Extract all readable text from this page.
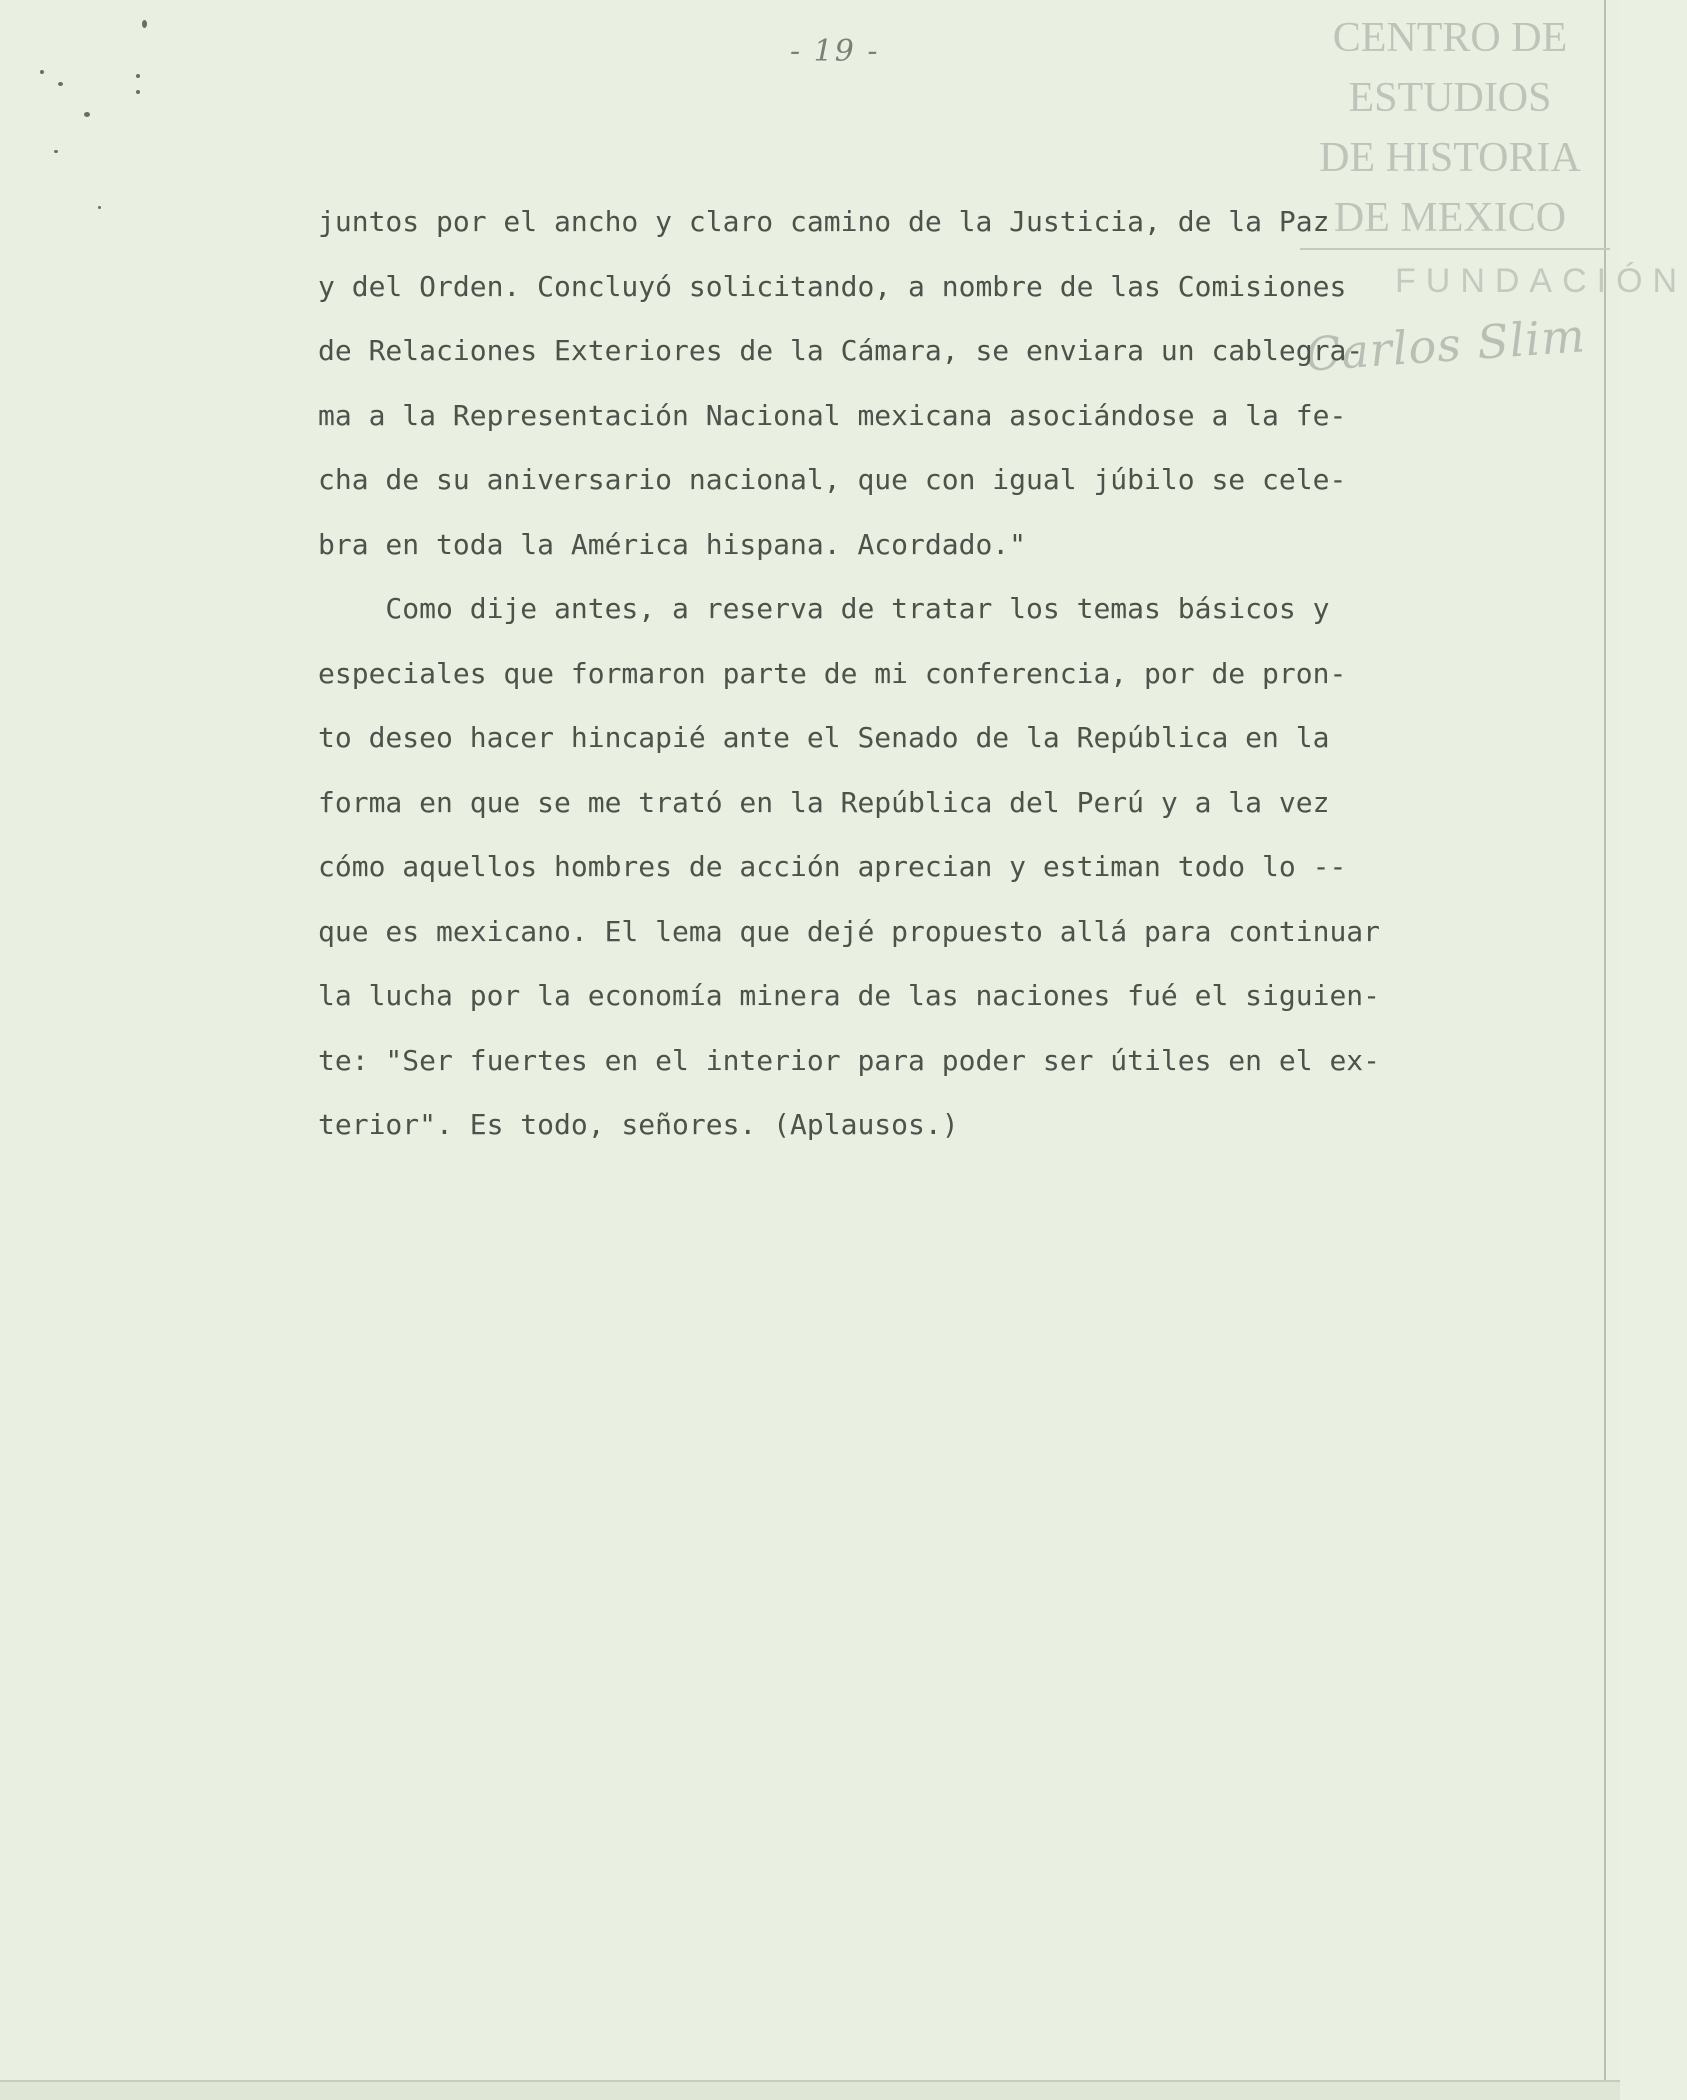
- 19 -	CENTRO DE
ESTUDIOS
DE HISTORIA
DE MEXICO
FUNDACIÓN
Carlos Slim
juntos por el ancho y claro camino de la Justicia, de la Paz
y del Orden. Concluyó solicitando, a nombre de las Comisiones
de Relaciones Exteriores de la Cámara, se enviara un cablegra-
ma a la Representación Nacional mexicana asociándose a la fe-
cha de su aniversario nacional, que con igual júbilo se cele-
bra en toda la América hispana. Acordado."
Como dije antes, a reserva de tratar los temas básicos y
especiales que formaron parte de mi conferencia, por de pron-
to deseo hacer hincapié ante el Senado de la República en la
forma en que se me trató en la República del Perú y a la vez
cómo aquellos hombres de acción aprecian y estiman todo lo --
que es mexicano. El lema que dejé propuesto allá para continuar
la lucha por la economía minera de las naciones fué el siguien-
te: "Ser fuertes en el interior para poder ser útiles en el ex-
terior". Es todo, señores. (Aplausos.)
